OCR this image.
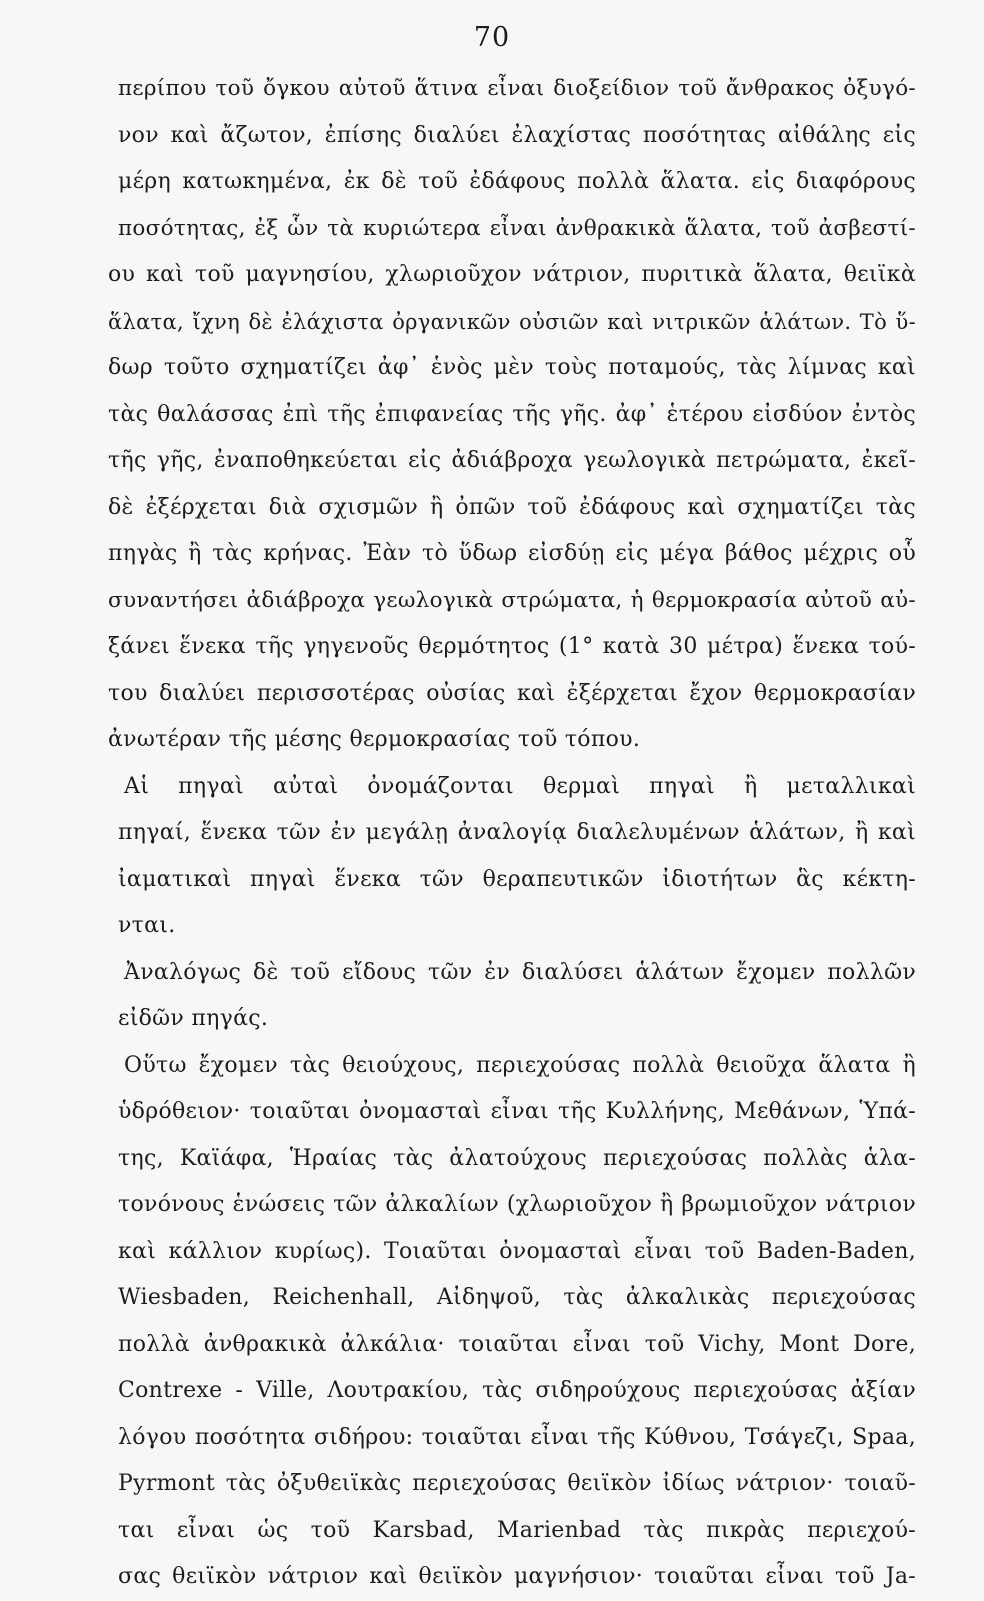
70
περίπου τοῦ ὄγκου αὐτοῦ ἅτινα εἶναι διοξείδιον τοῦ ἄνθρακος ὀξυγό-
νον καὶ ἄζωτον, ἐπίσης διαλύει ἐλαχίστας ποσότητας αἰθάλης εἰς
μέρη κατωκημένα, ἐκ δὲ τοῦ ἐδάφους πολλὰ ἅλατα. εἰς διαφόρους
ποσότητας, ἐξ ὧν τὰ κυριώτερα εἶναι ἀνθρακικὰ ἅλατα, τοῦ ἀσβεστί-
ου καὶ τοῦ μαγνησίου, χλωριοῦχον νάτριον, πυριτικὰ ἅλατα, θειϊκὰ
ἅλατα, ἴχνη δὲ ἐλάχιστα ὀργανικῶν οὐσιῶν καὶ νιτρικῶν ἁλάτων. Τὸ ὕ-
δωρ τοῦτο σχηματίζει ἀφ᾽ ἑνὸς μὲν τοὺς ποταμούς, τὰς λίμνας καὶ
τὰς θαλάσσας ἐπὶ τῆς ἐπιφανείας τῆς γῆς. ἀφ᾽ ἑτέρου εἰσδύον ἐντὸς
τῆς γῆς, ἐναποθηκεύεται εἰς ἀδιάβροχα γεωλογικὰ πετρώματα, ἐκεῖ-
δὲ ἐξέρχεται διὰ σχισμῶν ἢ ὀπῶν τοῦ ἐδάφους καὶ σχηματίζει τὰς
πηγὰς ἢ τὰς κρήνας. Ἐὰν τὸ ὕδωρ εἰσδύῃ εἰς μέγα βάθος μέχρις οὗ
συναντήσει ἀδιάβροχα γεωλογικὰ στρώματα, ἡ θερμοκρασία αὐτοῦ αὐ-
ξάνει ἕνεκα τῆς γηγενοῦς θερμότητος (1° κατὰ 30 μέτρα) ἕνεκα τού-
του διαλύει περισσοτέρας οὐσίας καὶ ἐξέρχεται ἔχον θερμοκρασίαν
ἀνωτέραν τῆς μέσης θερμοκρασίας τοῦ τόπου.
Αἱ πηγαὶ αὐταὶ ὀνομάζονται θερμαὶ πηγαὶ ἢ μεταλλικαὶ
πηγαί, ἕνεκα τῶν ἐν μεγάλῃ ἀναλογίᾳ διαλελυμένων ἁλάτων, ἢ καὶ
ἰαματικαὶ πηγαὶ ἕνεκα τῶν θεραπευτικῶν ἰδιοτήτων ἃς κέκτη-
νται.
Ἀναλόγως δὲ τοῦ εἴδους τῶν ἐν διαλύσει ἁλάτων ἔχομεν πολλῶν
εἰδῶν πηγάς.
Οὕτω ἔχομεν τὰς θειούχους, περιεχούσας πολλὰ θειοῦχα ἅλατα ἢ
ὑδρόθειον· τοιαῦται ὀνομασταὶ εἶναι τῆς Κυλλήνης, Μεθάνων, Ὑπά-
της, Καϊάφα, Ἡραίας τὰς ἀλατούχους περιεχούσας πολλὰς ἁλα-
τονόνους ἑνώσεις τῶν ἀλκαλίων (χλωριοῦχον ἢ βρωμιοῦχον νάτριον
καὶ κάλλιον κυρίως). Τοιαῦται ὀνομασταὶ εἶναι τοῦ Baden-Baden,
Wiesbaden, Reichenhall, Αἰδηψοῦ, τὰς ἀλκαλικὰς περιεχούσας
πολλὰ ἀνθρακικὰ ἀλκάλια· τοιαῦται εἶναι τοῦ Vichy, Mont Dore,
Contrexe - Ville, Λουτρακίου, τὰς σιδηρούχους περιεχούσας ἀξίαν
λόγου ποσότητα σιδήρου: τοιαῦται εἶναι τῆς Κύθνου, Τσάγεζι, Spaa,
Pyrmont τὰς ὀξυθειϊκὰς περιεχούσας θειϊκὸν ἰδίως νάτριον· τοιαῦ-
ται εἶναι ὡς τοῦ Karsbad, Marienbad τὰς πικρὰς περιεχού-
σας θειϊκὸν νάτριον καὶ θειϊκὸν μαγνήσιον· τοιαῦται εἶναι τοῦ Ja-
